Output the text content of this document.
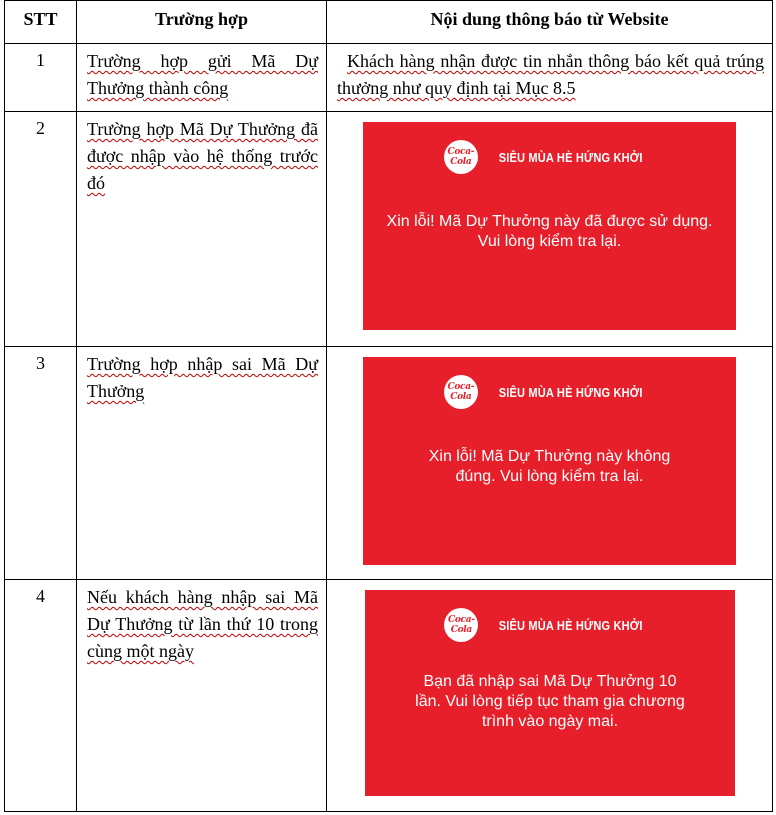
STT	Trường hợp	Nội dung thông báo từ Website
1	Trường hợp gửi Mã Dự Thưởng thành công	Khách hàng nhận được tin nhắn thông báo kết quả trúng thưởng như quy định tại Mục 8.5
2	Trường hợp Mã Dự Thưởng đã được nhập vào hệ thống trước đó	Coca-Cola SIÊU MÙA HÈ HỨNG KHỞI
Xin lỗi! Mã Dự Thưởng này đã được sử dụng. Vui lòng kiểm tra lại.

3	Trường hợp nhập sai Mã Dự Thưởng	Coca-Cola SIÊU MÙA HÈ HỨNG KHỞI
Xin lỗi! Mã Dự Thưởng này không đúng. Vui lòng kiểm tra lại.

4	Nếu khách hàng nhập sai Mã Dự Thưởng từ lần thứ 10 trong cùng một ngày	Coca-Cola SIÊU MÙA HÈ HỨNG KHỞI
Bạn đã nhập sai Mã Dự Thưởng 10 lần. Vui lòng tiếp tục tham gia chương trình vào ngày mai.
